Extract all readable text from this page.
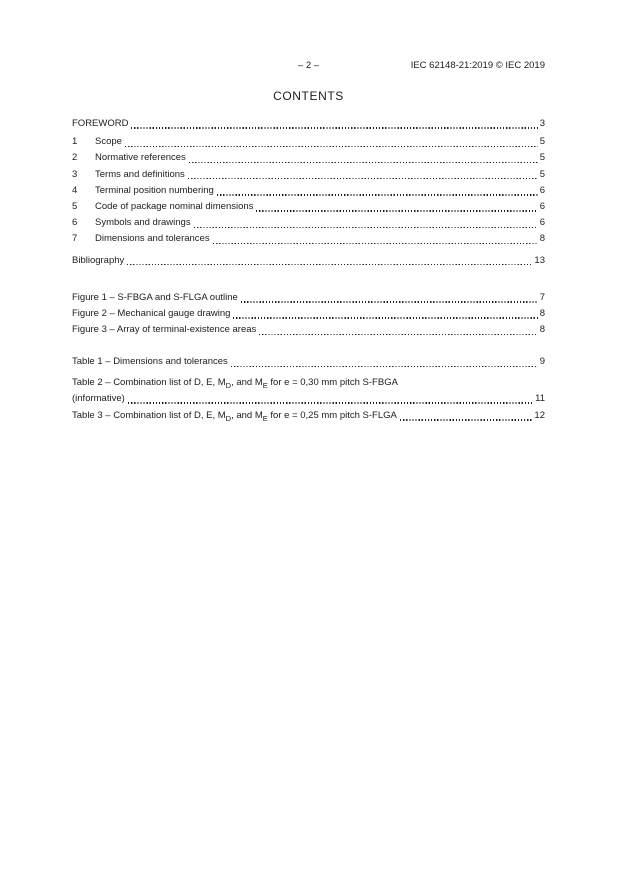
– 2 –	IEC 62148-21:2019 © IEC 2019
CONTENTS
FOREWORD	3
1	Scope	5
2	Normative references	5
3	Terms and definitions	5
4	Terminal position numbering	6
5	Code of package nominal dimensions	6
6	Symbols and drawings	6
7	Dimensions and tolerances	8
Bibliography	13
Figure 1 – S-FBGA and S-FLGA outline	7
Figure 2 – Mechanical gauge drawing	8
Figure 3 – Array of terminal-existence areas	8
Table 1 – Dimensions and tolerances	9
Table 2 – Combination list of D, E, $M_D$, and $M_E$ for e = 0,30 mm pitch S-FBGA
(informative)	11
Table 3 – Combination list of D, E, $M_D$, and $M_E$ for e = 0,25 mm pitch S-FLGA	12
